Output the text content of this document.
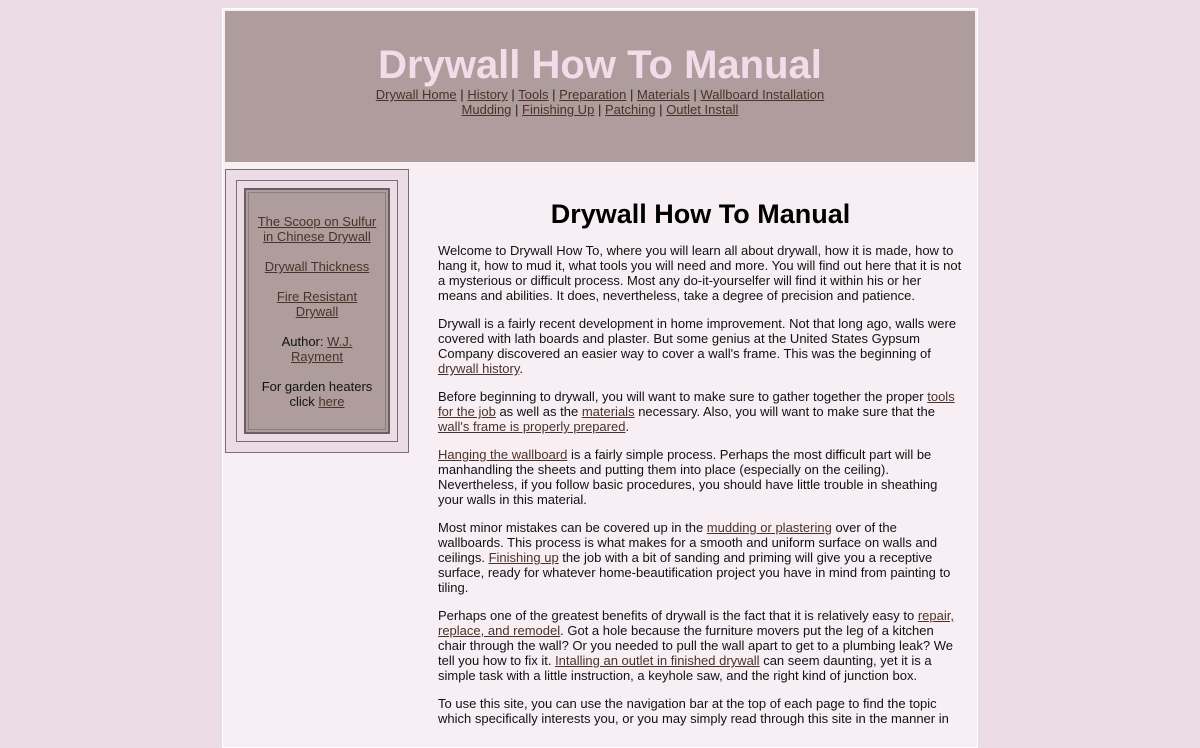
Drywall How To Manual
Drywall Home | History | Tools | Preparation | Materials | Wallboard Installation
Mudding | Finishing Up | Patching | Outlet Install
The Scoop on Sulfur in Chinese Drywall
Drywall Thickness
Fire Resistant Drywall
Author: W.J. Rayment
For garden heaters click here
Drywall How To Manual

Welcome to Drywall How To, where you will learn all about drywall, how it is made, how to hang it, how to mud it, what tools you will need and more. You will find out here that it is not a mysterious or difficult process. Most any do-it-yourselfer will find it within his or her means and abilities. It does, nevertheless, take a degree of precision and patience.

Drywall is a fairly recent development in home improvement. Not that long ago, walls were covered with lath boards and plaster. But some genius at the United States Gypsum Company discovered an easier way to cover a wall's frame. This was the beginning of drywall history.

Before beginning to drywall, you will want to make sure to gather together the proper tools for the job as well as the materials necessary. Also, you will want to make sure that the wall's frame is properly prepared.

Hanging the wallboard is a fairly simple process. Perhaps the most difficult part will be manhandling the sheets and putting them into place (especially on the ceiling). Nevertheless, if you follow basic procedures, you should have little trouble in sheathing your walls in this material.

Most minor mistakes can be covered up in the mudding or plastering over of the wallboards. This process is what makes for a smooth and uniform surface on walls and ceilings. Finishing up the job with a bit of sanding and priming will give you a receptive surface, ready for whatever home-beautification project you have in mind from painting to tiling.

Perhaps one of the greatest benefits of drywall is the fact that it is relatively easy to repair, replace, and remodel. Got a hole because the furniture movers put the leg of a kitchen chair through the wall? Or you needed to pull the wall apart to get to a plumbing leak? We tell you how to fix it. Intalling an outlet in finished drywall can seem daunting, yet it is a simple task with a little instruction, a keyhole saw, and the right kind of junction box.

To use this site, you can use the navigation bar at the top of each page to find the topic which specifically interests you, or you may simply read through this site in the manner in
